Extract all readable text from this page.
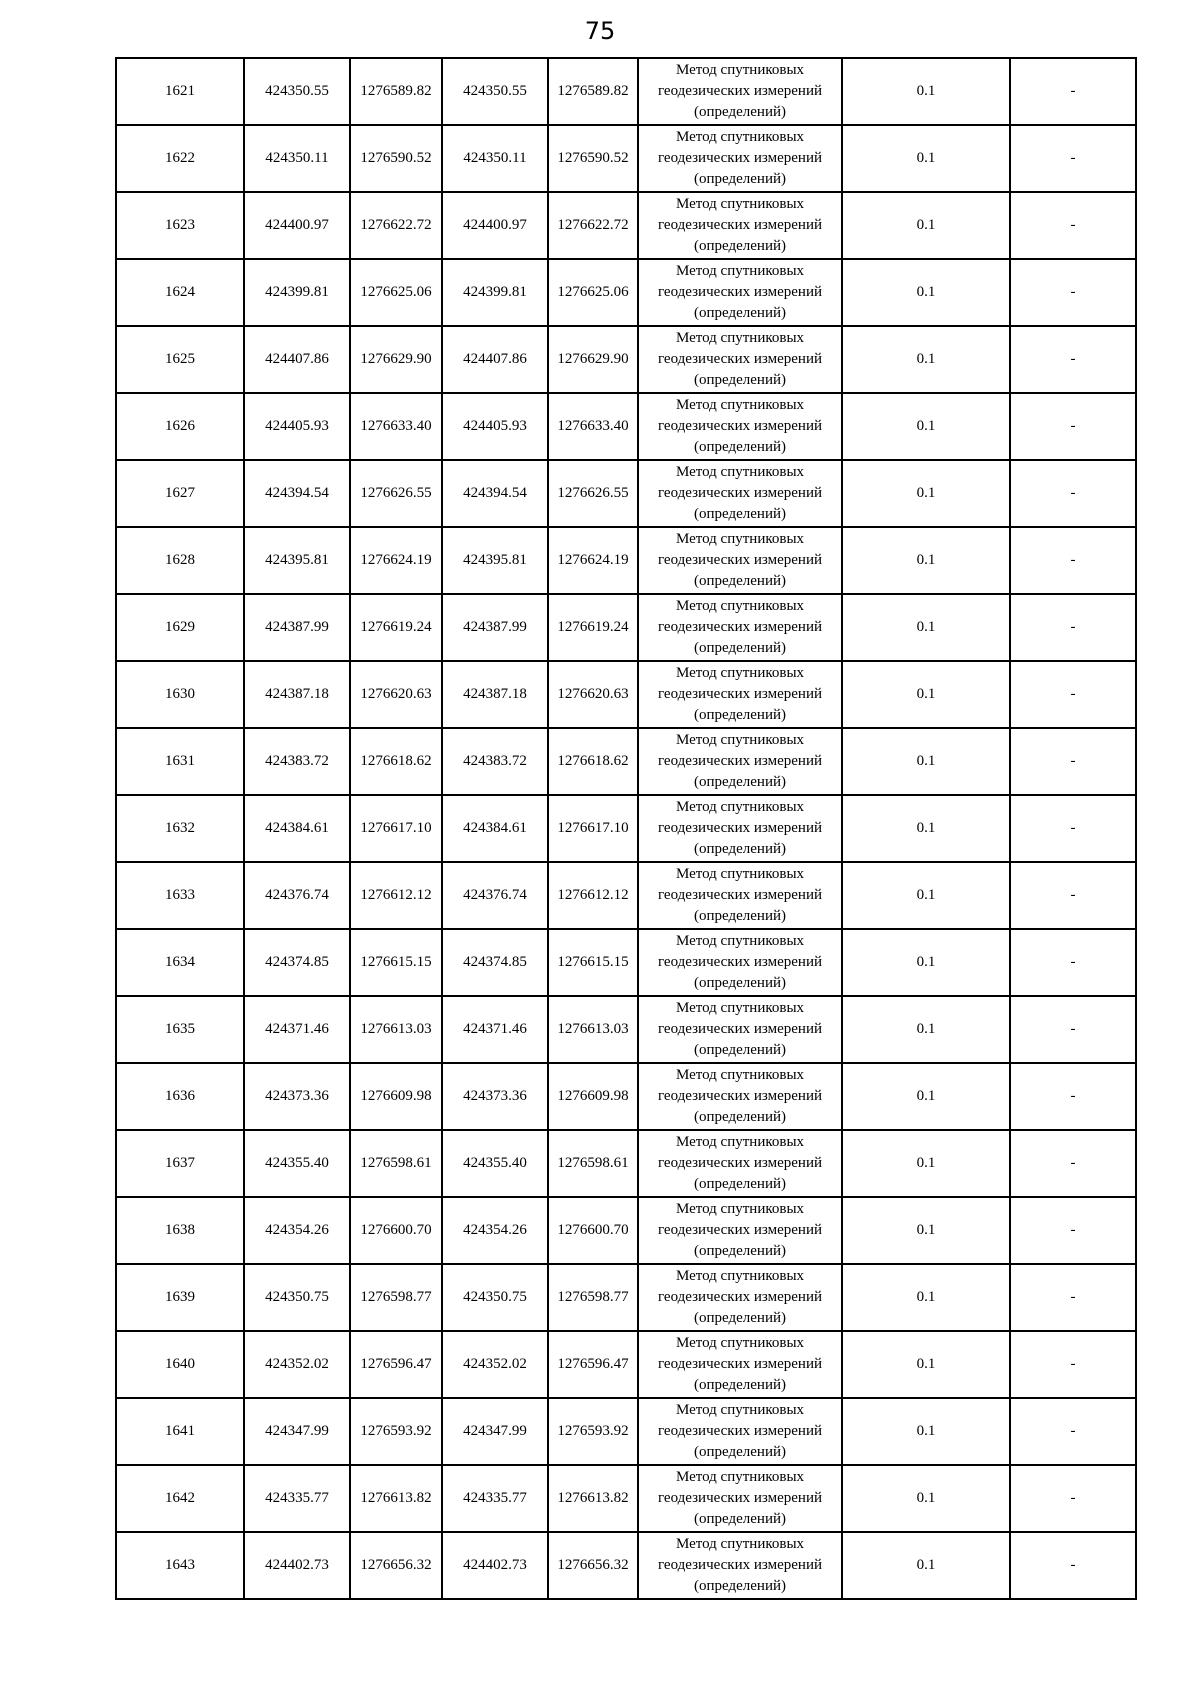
75
1621	424350.55	1276589.82	424350.55	1276589.82	Метод спутниковых
геодезических измерений
(определений)	0.1	-
1622	424350.11	1276590.52	424350.11	1276590.52	Метод спутниковых
геодезических измерений
(определений)	0.1	-
1623	424400.97	1276622.72	424400.97	1276622.72	Метод спутниковых
геодезических измерений
(определений)	0.1	-
1624	424399.81	1276625.06	424399.81	1276625.06	Метод спутниковых
геодезических измерений
(определений)	0.1	-
1625	424407.86	1276629.90	424407.86	1276629.90	Метод спутниковых
геодезических измерений
(определений)	0.1	-
1626	424405.93	1276633.40	424405.93	1276633.40	Метод спутниковых
геодезических измерений
(определений)	0.1	-
1627	424394.54	1276626.55	424394.54	1276626.55	Метод спутниковых
геодезических измерений
(определений)	0.1	-
1628	424395.81	1276624.19	424395.81	1276624.19	Метод спутниковых
геодезических измерений
(определений)	0.1	-
1629	424387.99	1276619.24	424387.99	1276619.24	Метод спутниковых
геодезических измерений
(определений)	0.1	-
1630	424387.18	1276620.63	424387.18	1276620.63	Метод спутниковых
геодезических измерений
(определений)	0.1	-
1631	424383.72	1276618.62	424383.72	1276618.62	Метод спутниковых
геодезических измерений
(определений)	0.1	-
1632	424384.61	1276617.10	424384.61	1276617.10	Метод спутниковых
геодезических измерений
(определений)	0.1	-
1633	424376.74	1276612.12	424376.74	1276612.12	Метод спутниковых
геодезических измерений
(определений)	0.1	-
1634	424374.85	1276615.15	424374.85	1276615.15	Метод спутниковых
геодезических измерений
(определений)	0.1	-
1635	424371.46	1276613.03	424371.46	1276613.03	Метод спутниковых
геодезических измерений
(определений)	0.1	-
1636	424373.36	1276609.98	424373.36	1276609.98	Метод спутниковых
геодезических измерений
(определений)	0.1	-
1637	424355.40	1276598.61	424355.40	1276598.61	Метод спутниковых
геодезических измерений
(определений)	0.1	-
1638	424354.26	1276600.70	424354.26	1276600.70	Метод спутниковых
геодезических измерений
(определений)	0.1	-
1639	424350.75	1276598.77	424350.75	1276598.77	Метод спутниковых
геодезических измерений
(определений)	0.1	-
1640	424352.02	1276596.47	424352.02	1276596.47	Метод спутниковых
геодезических измерений
(определений)	0.1	-
1641	424347.99	1276593.92	424347.99	1276593.92	Метод спутниковых
геодезических измерений
(определений)	0.1	-
1642	424335.77	1276613.82	424335.77	1276613.82	Метод спутниковых
геодезических измерений
(определений)	0.1	-
1643	424402.73	1276656.32	424402.73	1276656.32	Метод спутниковых
геодезических измерений
(определений)	0.1	-
